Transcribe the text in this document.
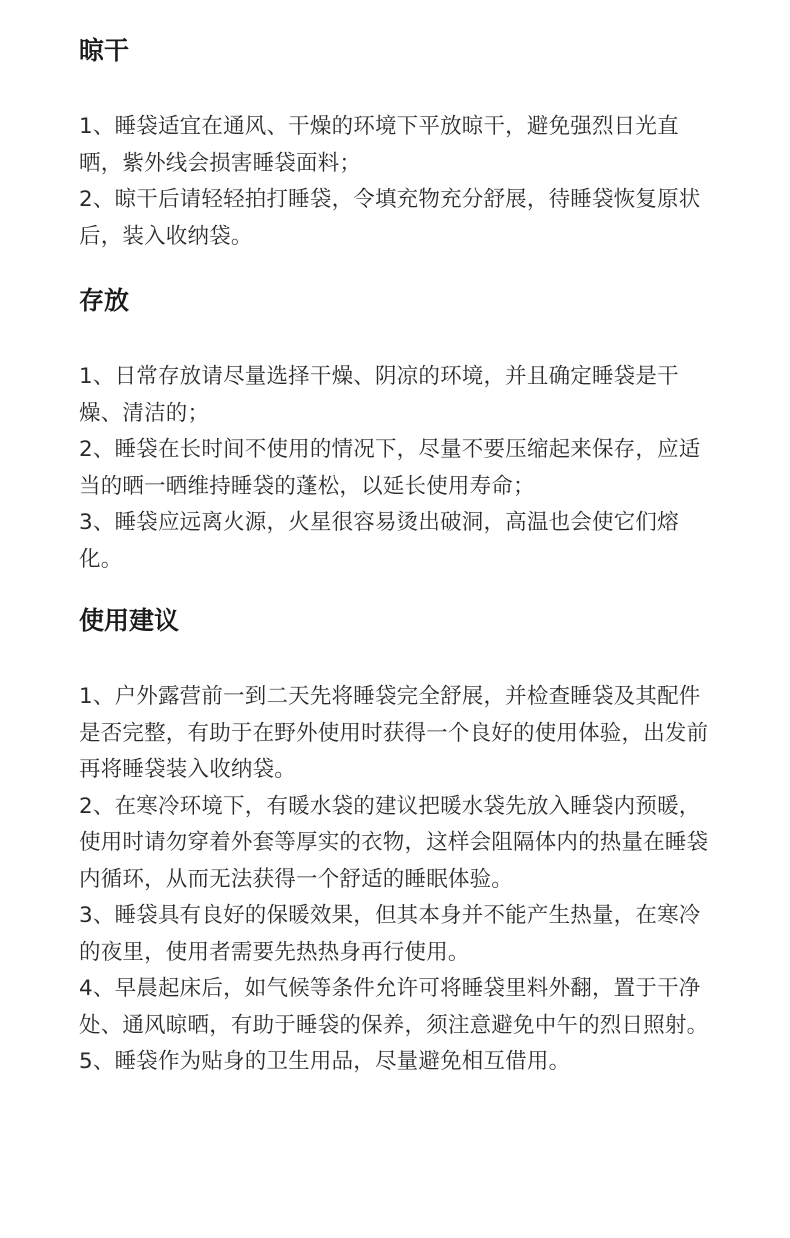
晾干

1、睡袋适宜在通风、干燥的环境下平放晾干，避免强烈日光直晒，紫外线会损害睡袋面料；

2、晾干后请轻轻拍打睡袋，令填充物充分舒展，待睡袋恢复原状后，装入收纳袋。

存放

1、日常存放请尽量选择干燥、阴凉的环境，并且确定睡袋是干燥、清洁的；

2、睡袋在长时间不使用的情况下，尽量不要压缩起来保存，应适当的晒一晒维持睡袋的蓬松，以延长使用寿命；

3、睡袋应远离火源，火星很容易烫出破洞，高温也会使它们熔化。

使用建议

1、户外露营前一到二天先将睡袋完全舒展，并检查睡袋及其配件是否完整，有助于在野外使用时获得一个良好的使用体验，出发前再将睡袋装入收纳袋。

2、在寒冷环境下，有暖水袋的建议把暖水袋先放入睡袋内预暖，使用时请勿穿着外套等厚实的衣物，这样会阻隔体内的热量在睡袋内循环，从而无法获得一个舒适的睡眠体验。

3、睡袋具有良好的保暖效果，但其本身并不能产生热量，在寒冷的夜里，使用者需要先热热身再行使用。

4、早晨起床后，如气候等条件允许可将睡袋里料外翻，置于干净处、通风晾晒，有助于睡袋的保养，须注意避免中午的烈日照射。

5、睡袋作为贴身的卫生用品，尽量避免相互借用。
